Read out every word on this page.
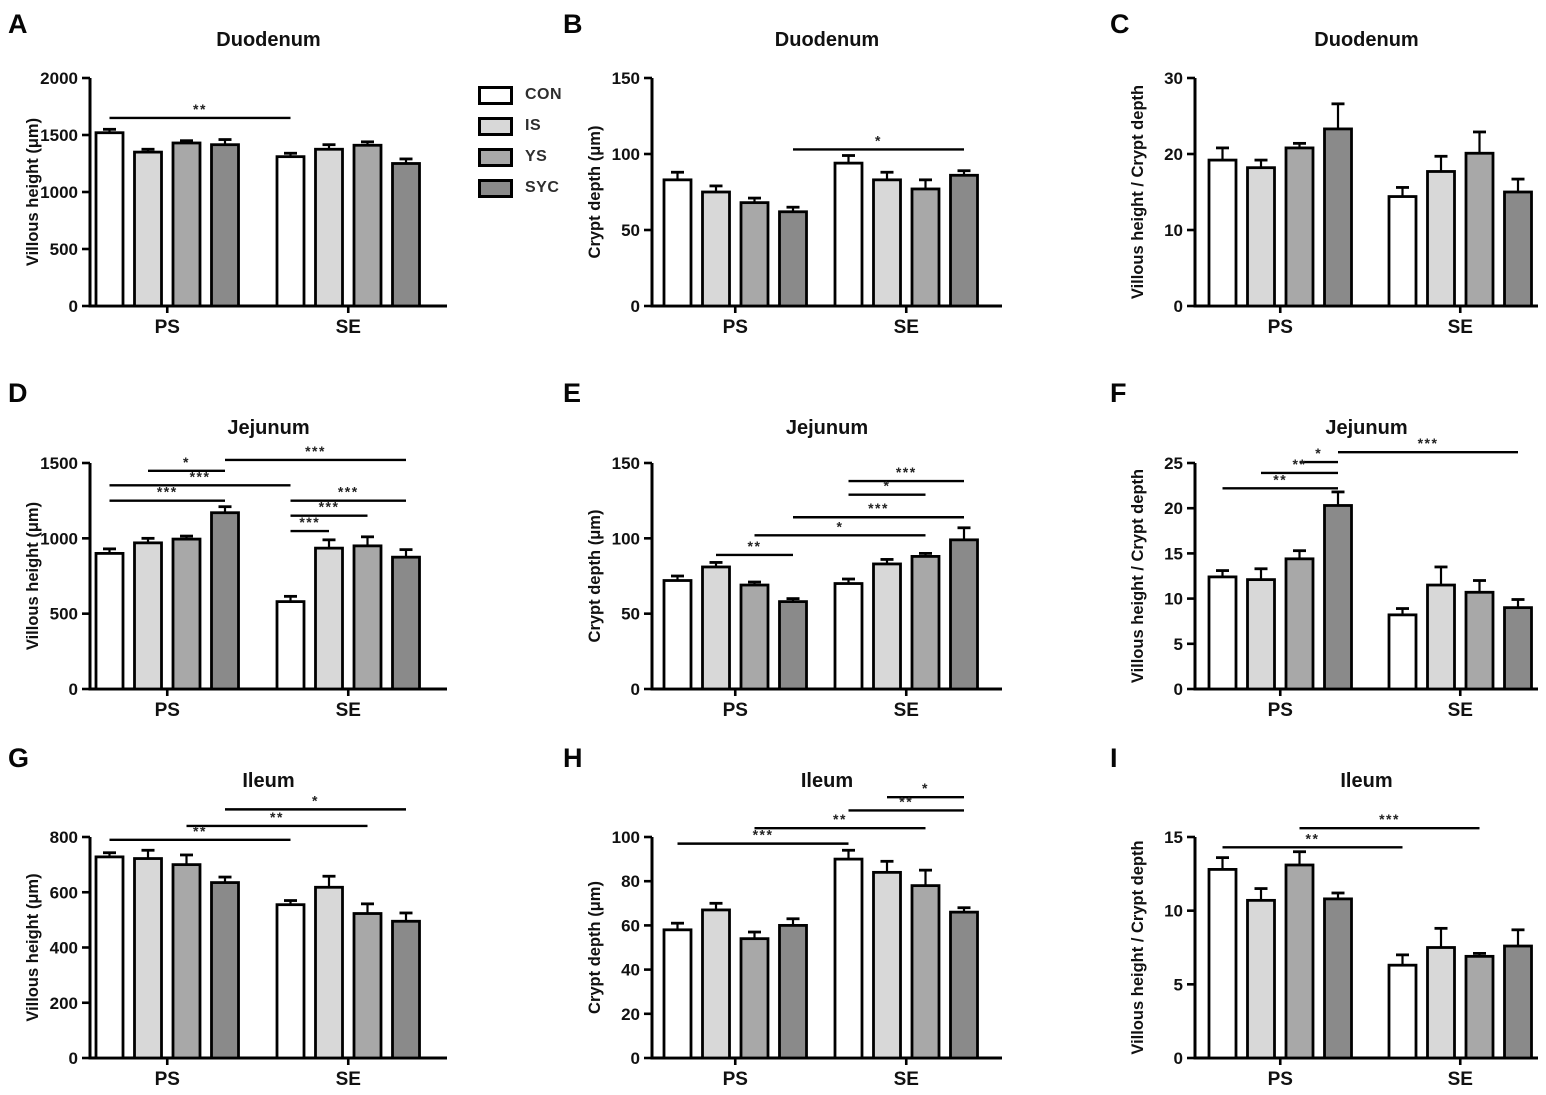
A
Duodenum
Villous height (μm)
0
500
1000
1500
2000
PS	SE
**
B
Duodenum
Crypt depth (μm)
0
50
100
150
PS	SE
*
C
Duodenum
Villous height / Crypt depth
0
10
20
30
PS	SE
D
Jejunum
Villous height (μm)
0
500
1000
1500
PS	SE
***
*
***
***	***
***
***
E
Jejunum
Crypt depth (μm)
0
50
100
150
PS	SE
***
*
***
*
**
F
Jejunum
Villous height / Crypt depth
0
5
10
15
20
25
PS	SE
***
*
**
**
G
Ileum
Villous height (μm)
0
200
400
600
800
PS	SE
*
**
**
H
Ileum
Crypt depth (μm)
0
20
40
60
80
100
PS	SE
*
**
**
***
I
Ileum
Villous height / Crypt depth
0
5
10
15
PS	SE
***
**
CON
IS
YS
SYC
